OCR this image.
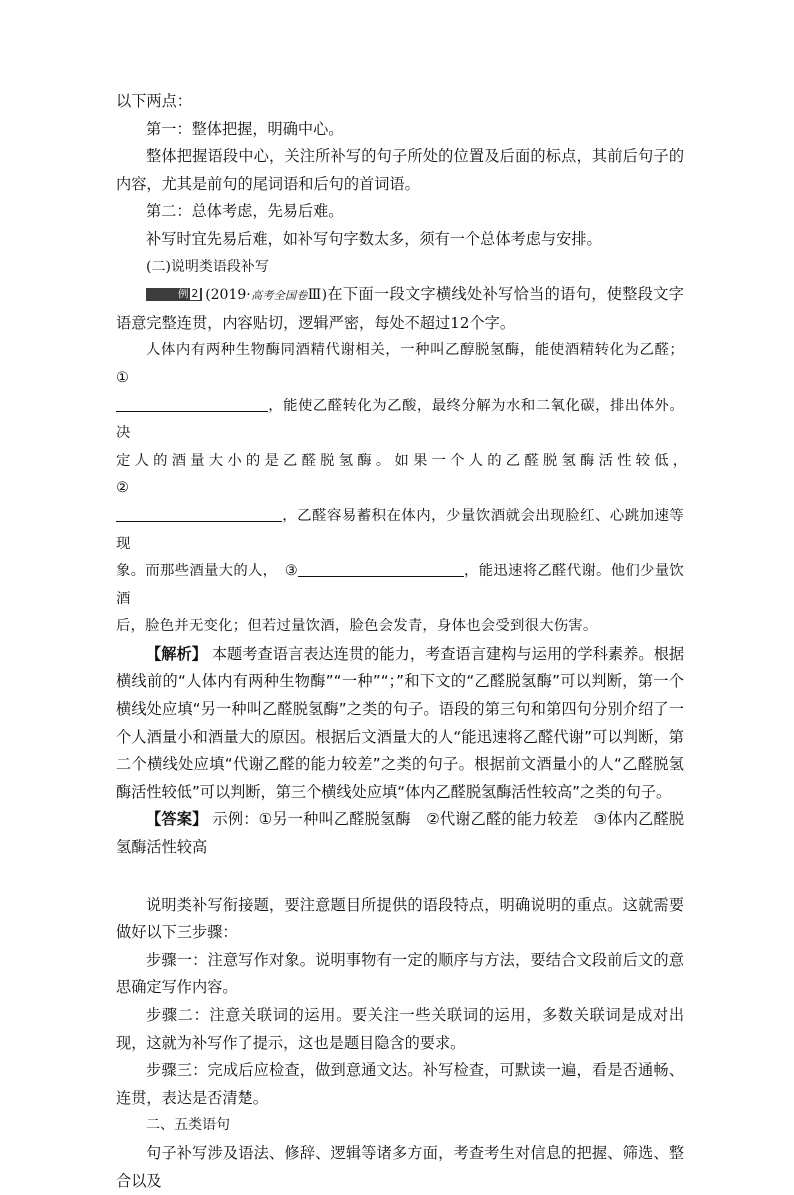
以下两点：

第一：整体把握，明确中心。

整体把握语段中心，关注所补写的句子所处的位置及后面的标点，其前后句子的内容，尤其是前句的尾词语和后句的首词语。

第二：总体考虑，先易后难。

补写时宜先易后难，如补写句字数太多，须有一个总体考虑与安排。

(二)说明类语段补写

例 2 (2019·高考全国卷Ⅲ)在下面一段文字横线处补写恰当的语句，使整段文字语意完整连贯，内容贴切，逻辑严密，每处不超过12个字。

人体内有两种生物酶同酒精代谢相关，一种叫乙醇脱氢酶，能使酒精转化为乙醛；①

，能使乙醛转化为乙酸，最终分解为水和二氧化碳，排出体外。决

定人的酒量大小的是乙醛脱氢酶。如果一个人的乙醛脱氢酶活性较低，　②

，乙醛容易蓄积在体内，少量饮酒就会出现脸红、心跳加速等现

象。而那些酒量大的人，　③	，能迅速将乙醛代谢。他们少量饮酒

后，脸色并无变化；但若过量饮酒，脸色会发青，身体也会受到很大伤害。

【解析】 本题考查语言表达连贯的能力，考查语言建构与运用的学科素养。根据横线前的“人体内有两种生物酶”“一种”“；”和下文的“乙醛脱氢酶”可以判断，第一个横线处应填“另一种叫乙醛脱氢酶”之类的句子。语段的第三句和第四句分别介绍了一个人酒量小和酒量大的原因。根据后文酒量大的人“能迅速将乙醛代谢”可以判断，第二个横线处应填“代谢乙醛的能力较差”之类的句子。根据前文酒量小的人“乙醛脱氢酶活性较低”可以判断，第三个横线处应填“体内乙醛脱氢酶活性较高”之类的句子。

【答案】 示例：①另一种叫乙醛脱氢酶　②代谢乙醛的能力较差　③体内乙醛脱氢酶活性较高

说明类补写衔接题，要注意题目所提供的语段特点，明确说明的重点。这就需要做好以下三步骤：

步骤一：注意写作对象。说明事物有一定的顺序与方法，要结合文段前后文的意思确定写作内容。

步骤二：注意关联词的运用。要关注一些关联词的运用，多数关联词是成对出现，这就为补写作了提示，这也是题目隐含的要求。

步骤三：完成后应检查，做到意通文达。补写检查，可默读一遍，看是否通畅、连贯，表达是否清楚。

二、五类语句

句子补写涉及语法、修辞、逻辑等诸多方面，考查考生对信息的把握、筛选、整合以及
